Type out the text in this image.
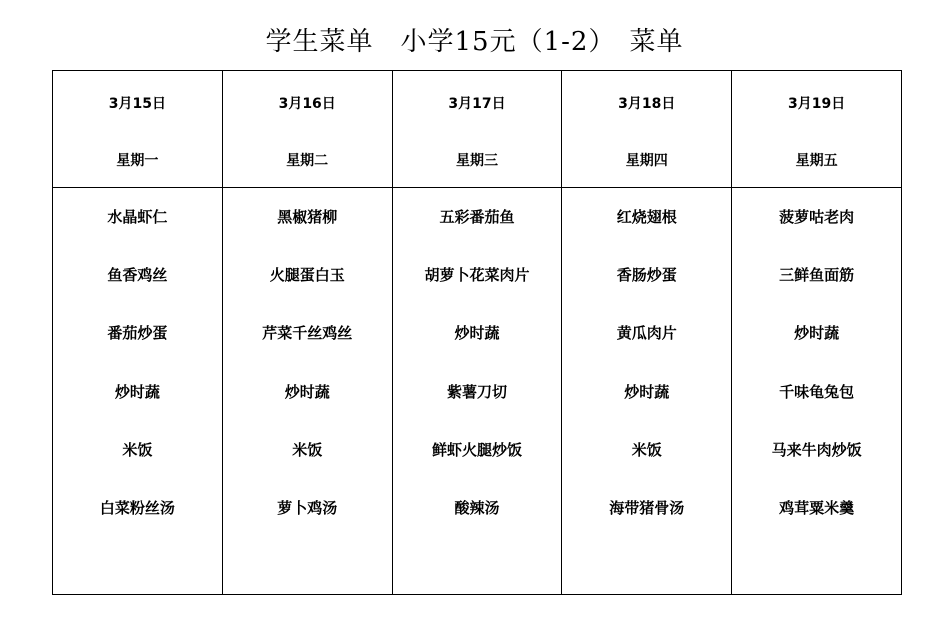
学生菜单　小学15元（1-2）　菜单
3月15日
星期一
水晶虾仁
鱼香鸡丝
番茄炒蛋
炒时蔬
米饭
白菜粉丝汤
3月16日
星期二
黑椒猪柳
火腿蛋白玉
芹菜千丝鸡丝
炒时蔬
米饭
萝卜鸡汤
3月17日
星期三
五彩番茄鱼
胡萝卜花菜肉片
炒时蔬
紫薯刀切
鲜虾火腿炒饭
酸辣汤
3月18日
星期四
红烧翅根
香肠炒蛋
黄瓜肉片
炒时蔬
米饭
海带猪骨汤
3月19日
星期五
菠萝咕老肉
三鲜鱼面筋
炒时蔬
千味龟兔包
马来牛肉炒饭
鸡茸粟米羹
